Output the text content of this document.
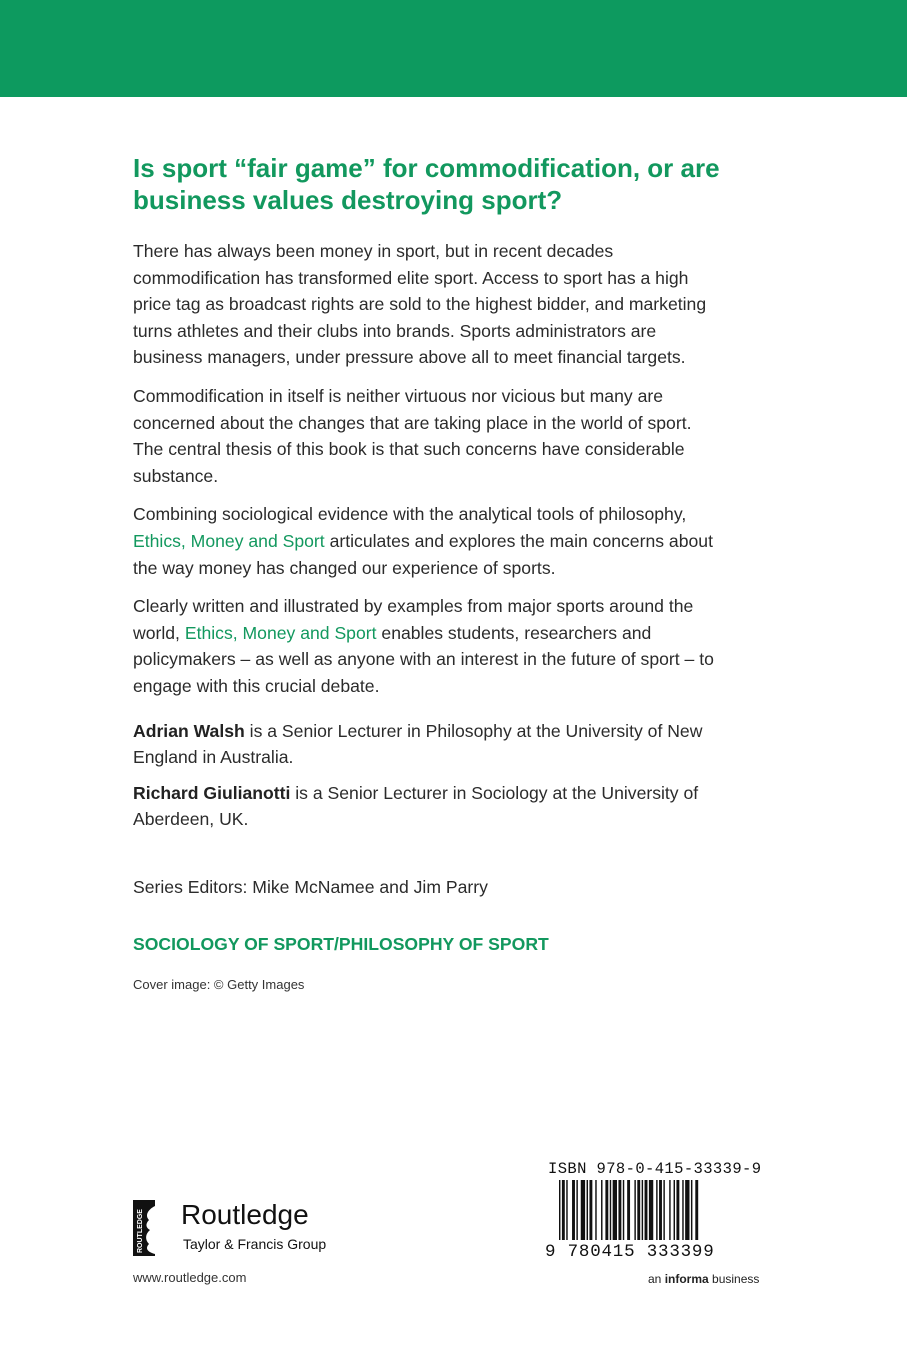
Is sport “fair game” for commodification, or are business values destroying sport?

There has always been money in sport, but in recent decades commodification has transformed elite sport. Access to sport has a high price tag as broadcast rights are sold to the highest bidder, and marketing turns athletes and their clubs into brands. Sports administrators are business managers, under pressure above all to meet financial targets.

Commodification in itself is neither virtuous nor vicious but many are concerned about the changes that are taking place in the world of sport. The central thesis of this book is that such concerns have considerable substance.

Combining sociological evidence with the analytical tools of philosophy, Ethics, Money and Sport articulates and explores the main concerns about the way money has changed our experience of sports.

Clearly written and illustrated by examples from major sports around the world, Ethics, Money and Sport enables students, researchers and policymakers – as well as anyone with an interest in the future of sport – to engage with this crucial debate.

Adrian Walsh is a Senior Lecturer in Philosophy at the University of New England in Australia.

Richard Giulianotti is a Senior Lecturer in Sociology at the University of Aberdeen, UK.

Series Editors: Mike McNamee and Jim Parry
SOCIOLOGY OF SPORT/PHILOSOPHY OF SPORT
Cover image: © Getty Images
ISBN 978-0-415-33339-9
9 780415 333399
ROUTLEDGE Routledge
Taylor & Francis Group
www.routledge.com	an informa business
